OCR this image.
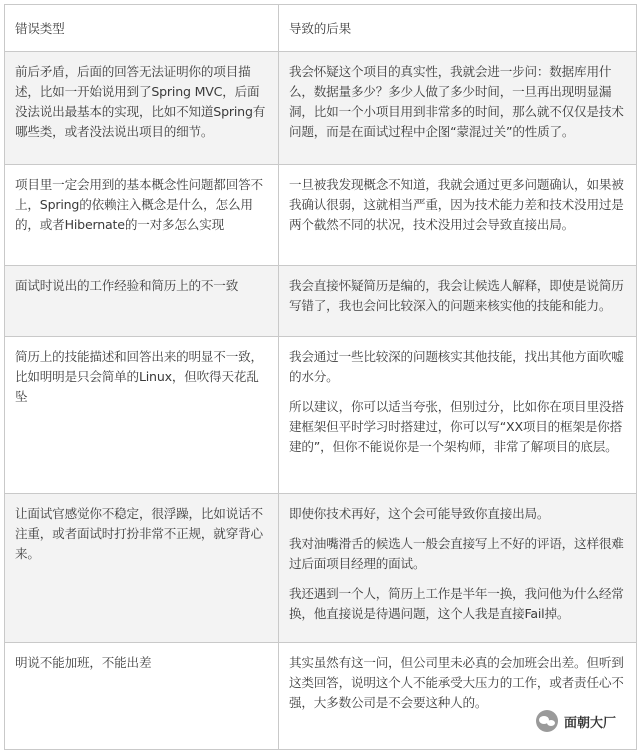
错误类型	导致的后果
前后矛盾，后面的回答无法证明你的项目描述，比如一开始说用到了Spring MVC，后面没法说出最基本的实现，比如不知道Spring有哪些类，或者没法说出项目的细节。	我会怀疑这个项目的真实性，我就会进一步问：数据库用什么，数据量多少？多少人做了多少时间，一旦再出现明显漏洞，比如一个小项目用到非常多的时间，那么就不仅仅是技术问题，而是在面试过程中企图“蒙混过关”的性质了。

项目里一定会用到的基本概念性问题都回答不上，Spring的依赖注入概念是什么，怎么用的，或者Hibernate的一对多怎么实现	一旦被我发现概念不知道，我就会通过更多问题确认，如果被我确认很弱，这就相当严重，因为技术能力差和技术没用过是两个截然不同的状况，技术没用过会导致直接出局。

面试时说出的工作经验和简历上的不一致	我会直接怀疑简历是编的，我会让候选人解释，即使是说简历写错了，我也会问比较深入的问题来核实他的技能和能力。

简历上的技能描述和回答出来的明显不一致，比如明明是只会简单的Linux，但吹得天花乱坠	我会通过一些比较深的问题核实其他技能，找出其他方面吹嘘的水分。

所以建议，你可以适当夸张，但别过分，比如你在项目里没搭建框架但平时学习时搭建过，你可以写“XX项目的框架是你搭建的”，但你不能说你是一个架构师，非常了解项目的底层。

让面试官感觉你不稳定，很浮躁，比如说话不注重，或者面试时打扮非常不正规，就穿背心来。	即使你技术再好，这个会可能导致你直接出局。

我对油嘴滑舌的候选人一般会直接写上不好的评语，这样很难过后面项目经理的面试。

我还遇到一个人，简历上工作是半年一换，我问他为什么经常换，他直接说是待遇问题，这个人我是直接Fail掉。

明说不能加班，不能出差	其实虽然有这一问，但公司里未必真的会加班会出差。但听到这类回答，说明这个人不能承受大压力的工作，或者责任心不强，大多数公司是不会要这种人的。

面朝大厂
